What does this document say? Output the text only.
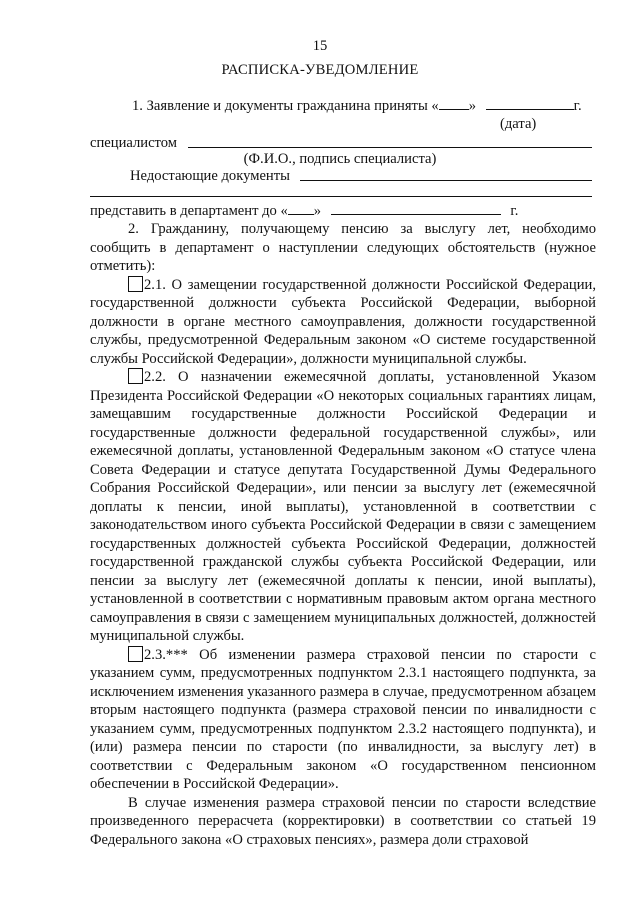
15
РАСПИСКА-УВЕДОМЛЕНИЕ
1. Заявление и документы гражданина приняты « »	г.
(дата)
специалистом
(Ф.И.О., подпись специалиста)
Недостающие документы
представить в департамент до « »	г.

2. Гражданину, получающему пенсию за выслугу лет, необходимо сообщить в департамент о наступлении следующих обстоятельств (нужное отметить):

2.1. О замещении государственной должности Российской Федерации, государственной должности субъекта Российской Федерации, выборной должности в органе местного самоуправления, должности государственной службы, предусмотренной Федеральным законом «О системе государственной службы Российской Федерации», должности муниципальной службы.

2.2. О назначении ежемесячной доплаты, установленной Указом Президента Российской Федерации «О некоторых социальных гарантиях лицам, замещавшим государственные должности Российской Федерации и государственные должности федеральной государственной службы», или ежемесячной доплаты, установленной Федеральным законом «О статусе члена Совета Федерации и статусе депутата Государственной Думы Федерального Собрания Российской Федерации», или пенсии за выслугу лет (ежемесячной доплаты к пенсии, иной выплаты), установленной в соответствии с законодательством иного субъекта Российской Федерации в связи с замещением государственных должностей субъекта Российской Федерации, должностей государственной гражданской службы субъекта Российской Федерации, или пенсии за выслугу лет (ежемесячной доплаты к пенсии, иной выплаты), установленной в соответствии с нормативным правовым актом органа местного самоуправления в связи с замещением муниципальных должностей, должностей муниципальной службы.

2.3.*** Об изменении размера страховой пенсии по старости с указанием сумм, предусмотренных подпунктом 2.3.1 настоящего подпункта, за исключением изменения указанного размера в случае, предусмотренном абзацем вторым настоящего подпункта (размера страховой пенсии по инвалидности с указанием сумм, предусмотренных подпунктом 2.3.2 настоящего подпункта), и (или) размера пенсии по старости (по инвалидности, за выслугу лет) в соответствии с Федеральным законом «О государственном пенсионном обеспечении в Российской Федерации».

В случае изменения размера страховой пенсии по старости вследствие произведенного перерасчета (корректировки) в соответствии со статьей 19 Федерального закона «О страховых пенсиях», размера доли страховой
